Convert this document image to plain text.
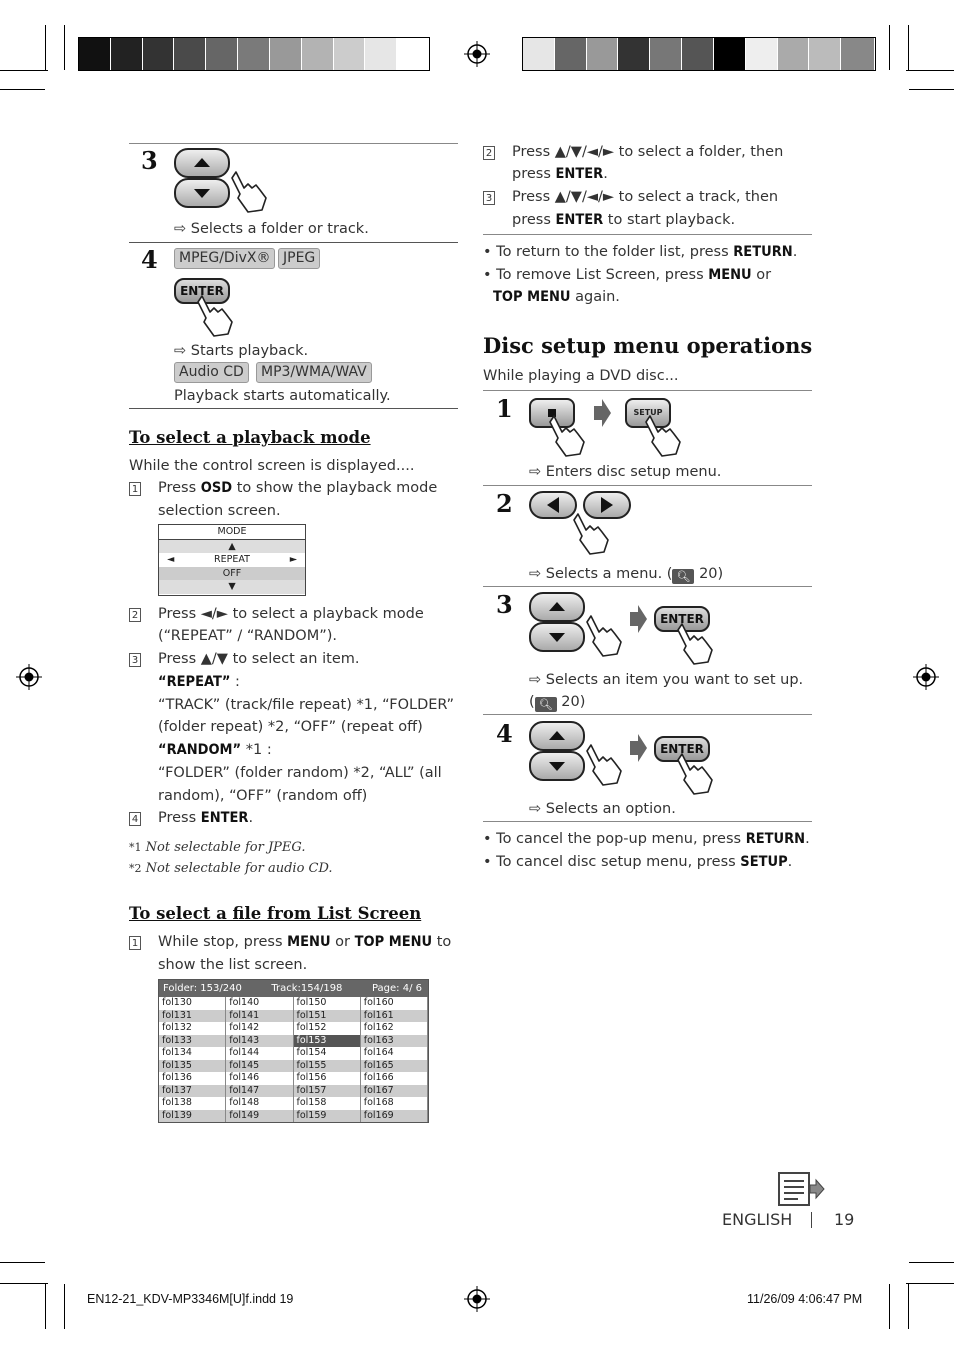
3
⇨ Selects a folder or track.
4	MPEG/DivX® JPEG
ENTER
⇨ Starts playback.
Audio CD	MP3/WMA/WAV
Playback starts automatically.
To select a playback mode
While the control screen is displayed....
1 Press OSD to show the playback mode
selection screen.
MODE
▲
◄	REPEAT	►
OFF
▼
2 Press ◄/► to select a playback mode
(“REPEAT” / “RANDOM”).
3 Press ▲/▼ to select an item.
“REPEAT” :
“TRACK” (track/file repeat) *1, “FOLDER”
(folder repeat) *2, “OFF” (repeat off)
“RANDOM” *1 :
“FOLDER” (folder random) *2, “ALL” (all
random), “OFF” (random off)
4 Press ENTER.
*1 Not selectable for JPEG.
*2 Not selectable for audio CD.
To select a file from List Screen
1 While stop, press MENU or TOP MENU to
show the list screen.
Folder: 153/240	Track:154/198	Page: 4/ 6
fol130	fol140	fol150	fol160
fol131	fol141	fol151	fol161
fol132	fol142	fol152	fol162
fol133	fol143	fol153	fol163
fol134	fol144	fol154	fol164
fol135	fol145	fol155	fol165
fol136	fol146	fol156	fol166
fol137	fol147	fol157	fol167
fol138	fol148	fol158	fol168
fol139	fol149	fol159	fol169
2 Press ▲/▼/◄/► to select a folder, then
press ENTER.
3 Press ▲/▼/◄/► to select a track, then
press ENTER to start playback.
• To return to the folder list, press RETURN.
• To remove List Screen, press MENU or
TOP MENU again.
Disc setup menu operations
While playing a DVD disc...
1	SETUP
⇨ Enters disc setup menu.
2
⇨ Selects a menu. ( 🔍︎ 20)
3	ENTER
⇨ Selects an item you want to set up.
( 🔍︎ 20)
4
ENTER
⇨ Selects an option.
• To cancel the pop-up menu, press RETURN.
• To cancel disc setup menu, press SETUP.
ENGLISH	19
EN12-21_KDV-MP3346M[U]f.indd 19	11/26/09 4:06:47 PM
